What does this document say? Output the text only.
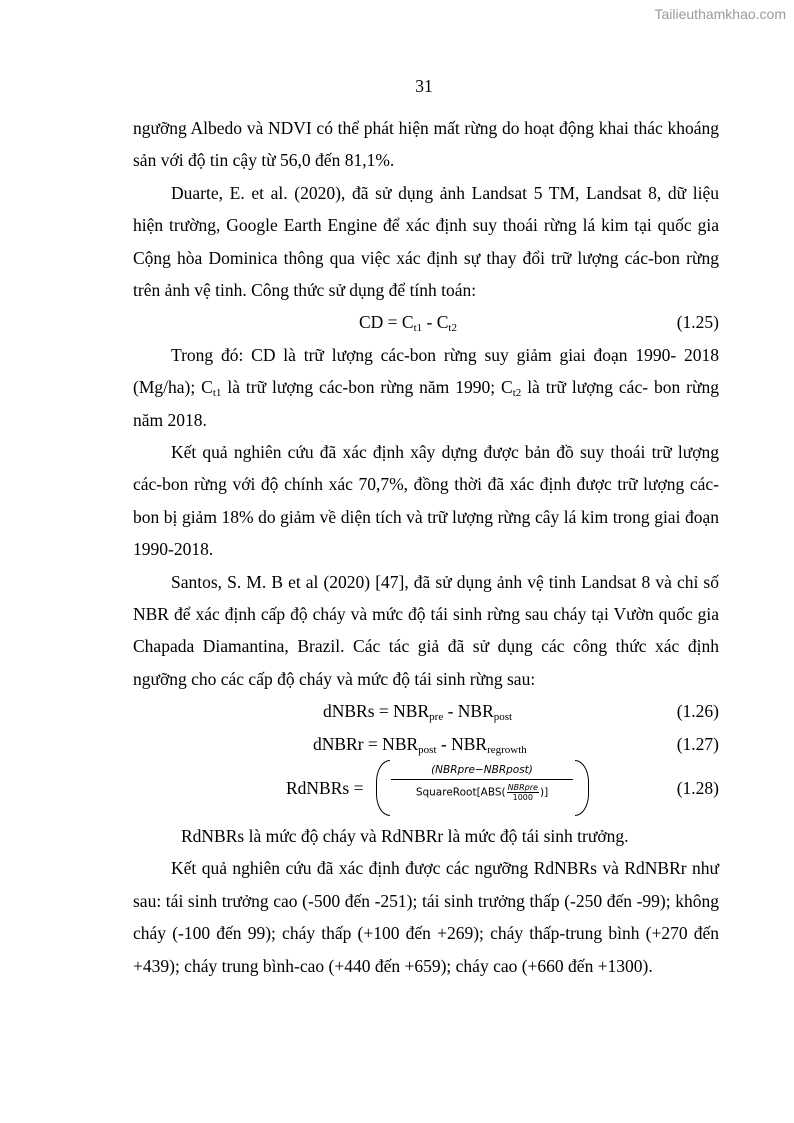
Tailieuthamkhao.com
31

ngưỡng Albedo và NDVI có thể phát hiện mất rừng do hoạt động khai thác khoáng sản với độ tin cậy từ 56,0 đến 81,1%.

Duarte, E. et al. (2020), đã sử dụng ảnh Landsat 5 TM, Landsat 8, dữ liệu hiện trường, Google Earth Engine để xác định suy thoái rừng lá kim tại quốc gia Cộng hòa Dominica thông qua việc xác định sự thay đổi trữ lượng các-bon rừng trên ảnh vệ tinh. Công thức sử dụng để tính toán:

CD = $C_{t1} - C_{t2}$	(1.25)

Trong đó: CD là trữ lượng các-bon rừng suy giảm giai đoạn 1990- 2018 (Mg/ha); $C_{t1}$ là trữ lượng các-bon rừng năm 1990; $C_{t2}$ là trữ lượng các- bon rừng năm 2018.

Kết quả nghiên cứu đã xác định xây dựng được bản đồ suy thoái trữ lượng các-bon rừng với độ chính xác 70,7%, đồng thời đã xác định được trữ lượng các-bon bị giảm 18% do giảm về diện tích và trữ lượng rừng cây lá kim trong giai đoạn 1990-2018.

Santos, S. M. B et al (2020) [47], đã sử dụng ảnh vệ tinh Landsat 8 và chỉ số NBR để xác định cấp độ cháy và mức độ tái sinh rừng sau cháy tại Vườn quốc gia Chapada Diamantina, Brazil. Các tác giả đã sử dụng các công thức xác định ngưỡng cho các cấp độ cháy và mức độ tái sinh rừng sau:

dNBRs = $NBR_{pre} - NBR_{post}$	(1.26)
dNBRr = $NBR_{post} - NBR_{regrowth}$	(1.27)
RdNBRs =
(NBRpre−NBRpost)
SquareRoot[ABS( $\frac{\text{NBRpre}}{1000}$ )]	(1.28)

RdNBRs là mức độ cháy và RdNBRr là mức độ tái sinh trưởng.

Kết quả nghiên cứu đã xác định được các ngưỡng RdNBRs và RdNBRr như sau: tái sinh trưởng cao (-500 đến -251); tái sinh trưởng thấp (-250 đến -99); không cháy (-100 đến 99); cháy thấp (+100 đến +269); cháy thấp-trung bình (+270 đến +439); cháy trung bình-cao (+440 đến +659); cháy cao (+660 đến +1300).
